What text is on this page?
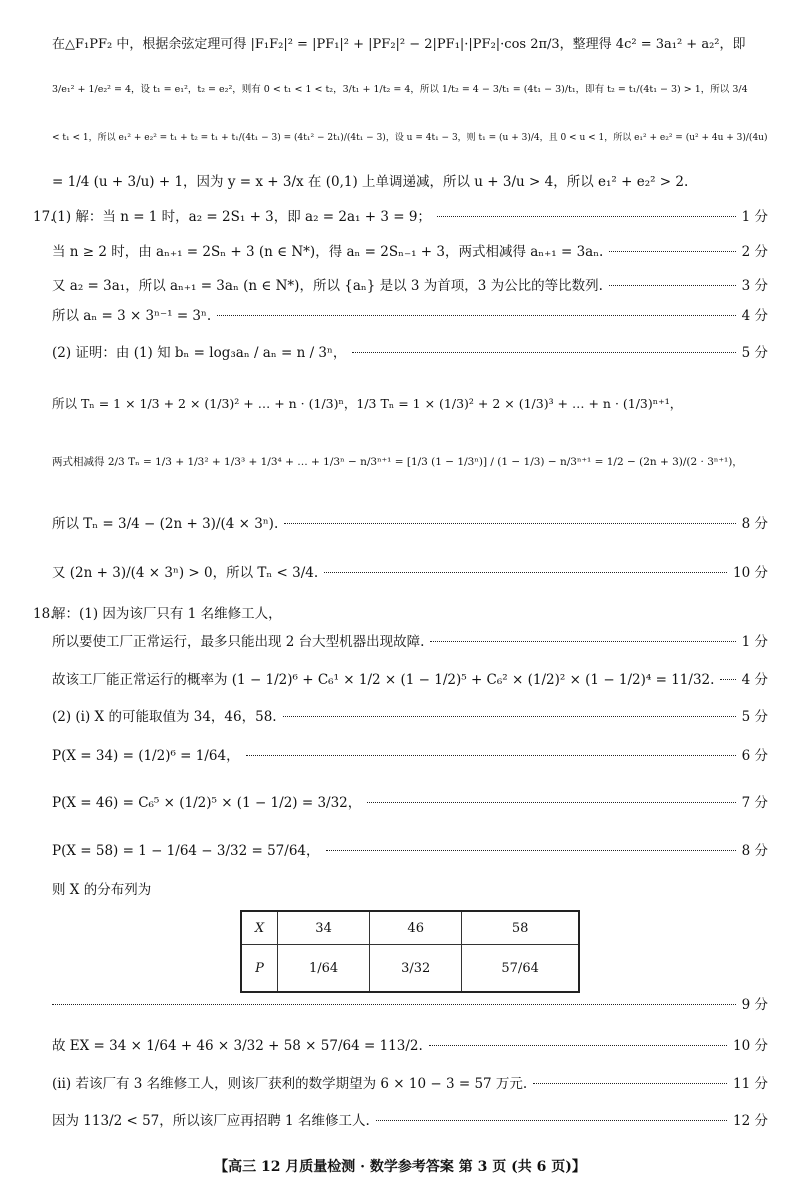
在△F₁PF₂ 中，根据余弦定理可得 |F₁F₂|² = |PF₁|² + |PF₂|² − 2|PF₁|·|PF₂|·cos 2π/3，整理得 4c² = 3a₁² + a₂²，即
3/e₁² + 1/e₂² = 4，设 t₁ = e₁²，t₂ = e₂²，则有 0 < t₁ < 1 < t₂，3/t₁ + 1/t₂ = 4，所以 1/t₂ = 4 − 3/t₁ = (4t₁ − 3)/t₁，即有 t₂ = t₁/(4t₁ − 3) > 1，所以 3/4
< t₁ < 1，所以 e₁² + e₂² = t₁ + t₂ = t₁ + t₁/(4t₁ − 3) = (4t₁² − 2t₁)/(4t₁ − 3)，设 u = 4t₁ − 3，则 t₁ = (u + 3)/4，且 0 < u < 1，所以 e₁² + e₂² = (u² + 4u + 3)/(4u)
= 1/4 (u + 3/u) + 1，因为 y = x + 3/x 在 (0,1) 上单调递减，所以 u + 3/u > 4，所以 e₁² + e₂² > 2.
17.
(1) 解：当 n = 1 时，a₂ = 2S₁ + 3，即 a₂ = 2a₁ + 3 = 9；	1 分
当 n ≥ 2 时，由 aₙ₊₁ = 2Sₙ + 3 (n ∈ N*)，得 aₙ = 2Sₙ₋₁ + 3，两式相减得 aₙ₊₁ = 3aₙ.	2 分
又 a₂ = 3a₁，所以 aₙ₊₁ = 3aₙ (n ∈ N*)，所以 {aₙ} 是以 3 为首项，3 为公比的等比数列.	3 分
所以 aₙ = 3 × 3ⁿ⁻¹ = 3ⁿ.	4 分
(2) 证明：由 (1) 知 bₙ = log₃aₙ / aₙ = n / 3ⁿ，	5 分
所以 Tₙ = 1 × 1/3 + 2 × (1/3)² + … + n · (1/3)ⁿ，1/3 Tₙ = 1 × (1/3)² + 2 × (1/3)³ + … + n · (1/3)ⁿ⁺¹，
两式相减得 2/3 Tₙ = 1/3 + 1/3² + 1/3³ + 1/3⁴ + … + 1/3ⁿ − n/3ⁿ⁺¹ = [1/3 (1 − 1/3ⁿ)] / (1 − 1/3) − n/3ⁿ⁺¹ = 1/2 − (2n + 3)/(2 · 3ⁿ⁺¹)，
所以 Tₙ = 3/4 − (2n + 3)/(4 × 3ⁿ).	8 分
又 (2n + 3)/(4 × 3ⁿ) > 0，所以 Tₙ < 3/4.	10 分
18.
解：(1) 因为该厂只有 1 名维修工人，
所以要使工厂正常运行，最多只能出现 2 台大型机器出现故障.	1 分
故该工厂能正常运行的概率为 (1 − 1/2)⁶ + C₆¹ × 1/2 × (1 − 1/2)⁵ + C₆² × (1/2)² × (1 − 1/2)⁴ = 11/32. 4 分
(2) (ⅰ) X 的可能取值为 34，46，58.	5 分
P(X = 34) = (1/2)⁶ = 1/64，	6 分
P(X = 46) = C₆⁵ × (1/2)⁵ × (1 − 1/2) = 3/32，	7 分
P(X = 58) = 1 − 1/64 − 3/32 = 57/64，	8 分
则 X 的分布列为
X	34	46	58
P	1/64	3/32	57/64
9 分
故 EX = 34 × 1/64 + 46 × 3/32 + 58 × 57/64 = 113/2.	10 分
(ⅱ) 若该厂有 3 名维修工人，则该厂获利的数学期望为 6 × 10 − 3 = 57 万元.	11 分
因为 113/2 < 57，所以该厂应再招聘 1 名维修工人.	12 分
【高三 12 月质量检测 · 数学参考答案 第 3 页 (共 6 页)】
